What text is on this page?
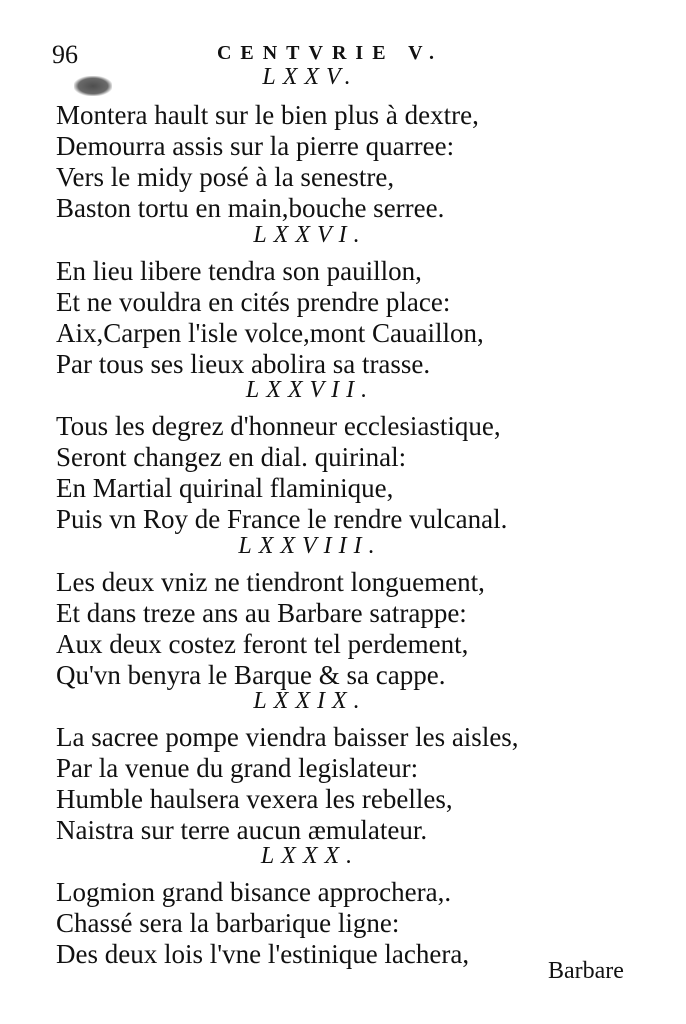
96	CENTVRIE V.
LXXV.
Montera hault sur le bien plus à dextre,
Demourra assis sur la pierre quarree:
Vers le midy posé à la senestre,
Baston tortu en main,bouche serree.
LXXVI.
En lieu libere tendra son pauillon,
Et ne vouldra en cités prendre place:
Aix,Carpen l'isle volce,mont Cauaillon,
Par tous ses lieux abolira sa trasse.
LXXVII.
Tous les degrez d'honneur ecclesiastique,
Seront changez en dial. quirinal:
En Martial quirinal flaminique,
Puis vn Roy de France le rendre vulcanal.
LXXVIII.
Les deux vniz ne tiendront longuement,
Et dans treze ans au Barbare satrappe:
Aux deux costez feront tel perdement,
Qu'vn benyra le Barque & sa cappe.
LXXIX.
La sacree pompe viendra baisser les aisles,
Par la venue du grand legislateur:
Humble haulsera vexera les rebelles,
Naistra sur terre aucun æmulateur.
LXXX.
Logmion grand bisance approchera,.
Chassé sera la barbarique ligne:
Des deux lois l'vne l'estinique lachera,
Barbare
